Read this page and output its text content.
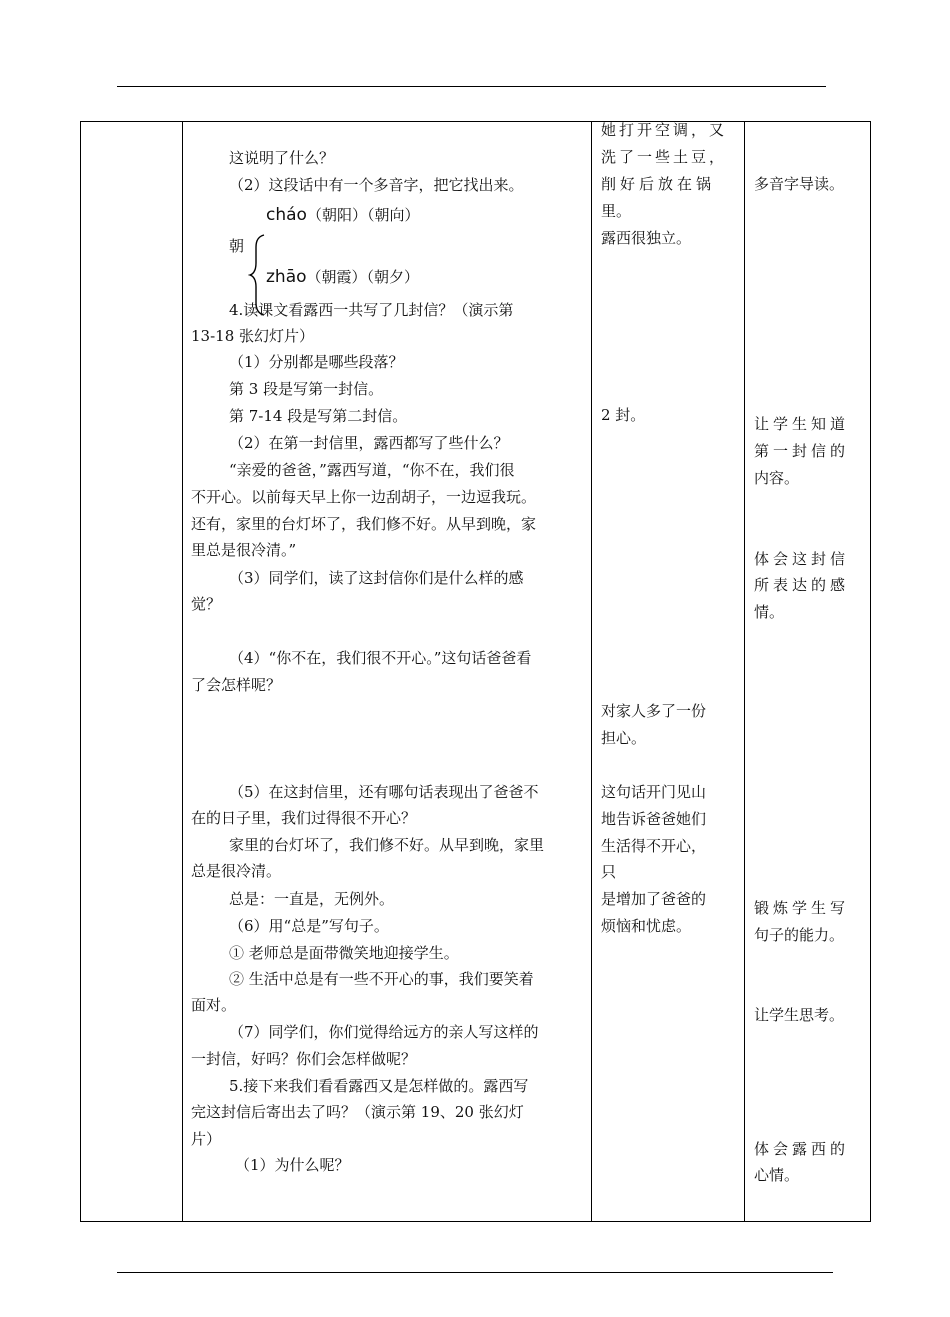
这说明了什么？
（2）这段话中有一个多音字，把它找出来。
cháo（朝阳）（朝向）
朝
zhāo（朝霞）（朝夕）
4.读课文看露西一共写了几封信？（演示第
13-18 张幻灯片）
（1）分别都是哪些段落？
第 3 段是写第一封信。
第 7-14 段是写第二封信。
（2）在第一封信里，露西都写了些什么？
“亲爱的爸爸，”露西写道，“你不在，我们很
不开心。以前每天早上你一边刮胡子，一边逗我玩。
还有，家里的台灯坏了，我们修不好。从早到晚，家
里总是很冷清。”
（3）同学们，读了这封信你们是什么样的感
觉？
（4）“你不在，我们很不开心。”这句话爸爸看
了会怎样呢？
（5）在这封信里，还有哪句话表现出了爸爸不
在的日子里，我们过得很不开心？
家里的台灯坏了，我们修不好。从早到晚，家里
总是很冷清。
总是：一直是，无例外。
（6）用“总是”写句子。
① 老师总是面带微笑地迎接学生。
② 生活中总是有一些不开心的事，我们要笑着
面对。
（7）同学们，你们觉得给远方的亲人写这样的
一封信，好吗？你们会怎样做呢？
5.接下来我们看看露西又是怎样做的。露西写
完这封信后寄出去了吗？（演示第 19、20 张幻灯
片）
（1）为什么呢？
她打开空调，又
洗了一些土豆，
削好后放在锅
里。
露西很独立。
2 封。
对家人多了一份
担心。
这句话开门见山
地告诉爸爸她们
生活得不开心，
只
是增加了爸爸的
烦恼和忧虑。
多音字导读。
让学生知道
第一封信的
内容。
体会这封信
所表达的感
情。
锻炼学生写
句子的能力。
让学生思考。
体会露西的
心情。
